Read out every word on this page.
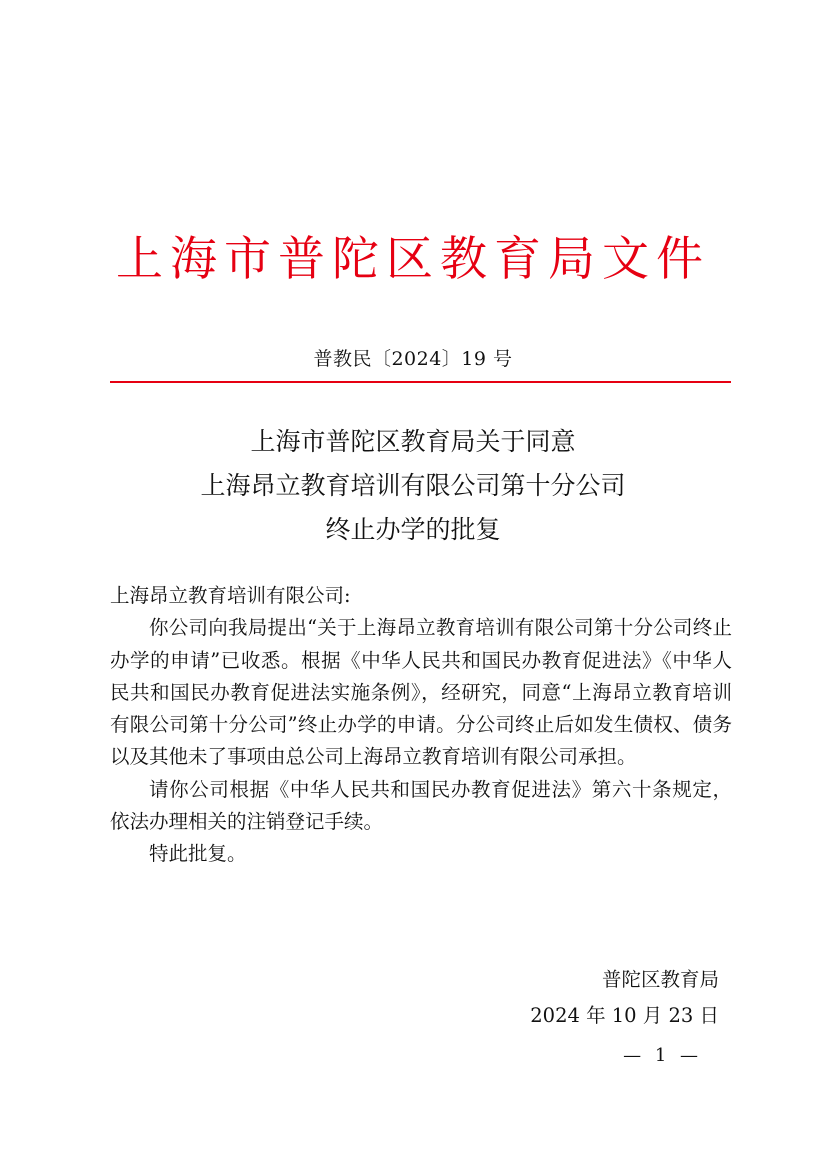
上海市普陀区教育局文件
普教民〔2024〕19 号
上海市普陀区教育局关于同意
上海昂立教育培训有限公司第十分公司
终止办学的批复

上海昂立教育培训有限公司:

你公司向我局提出“关于上海昂立教育培训有限公司第十分公司终止办学的申请”已收悉。根据《中华人民共和国民办教育促进法》《中华人民共和国民办教育促进法实施条例》，经研究，同意“上海昂立教育培训有限公司第十分公司”终止办学的申请。分公司终止后如发生债权、债务以及其他未了事项由总公司上海昂立教育培训有限公司承担。

请你公司根据《中华人民共和国民办教育促进法》第六十条规定，依法办理相关的注销登记手续。

特此批复。

普陀区教育局
2024 年 10 月 23 日
— 1 —
